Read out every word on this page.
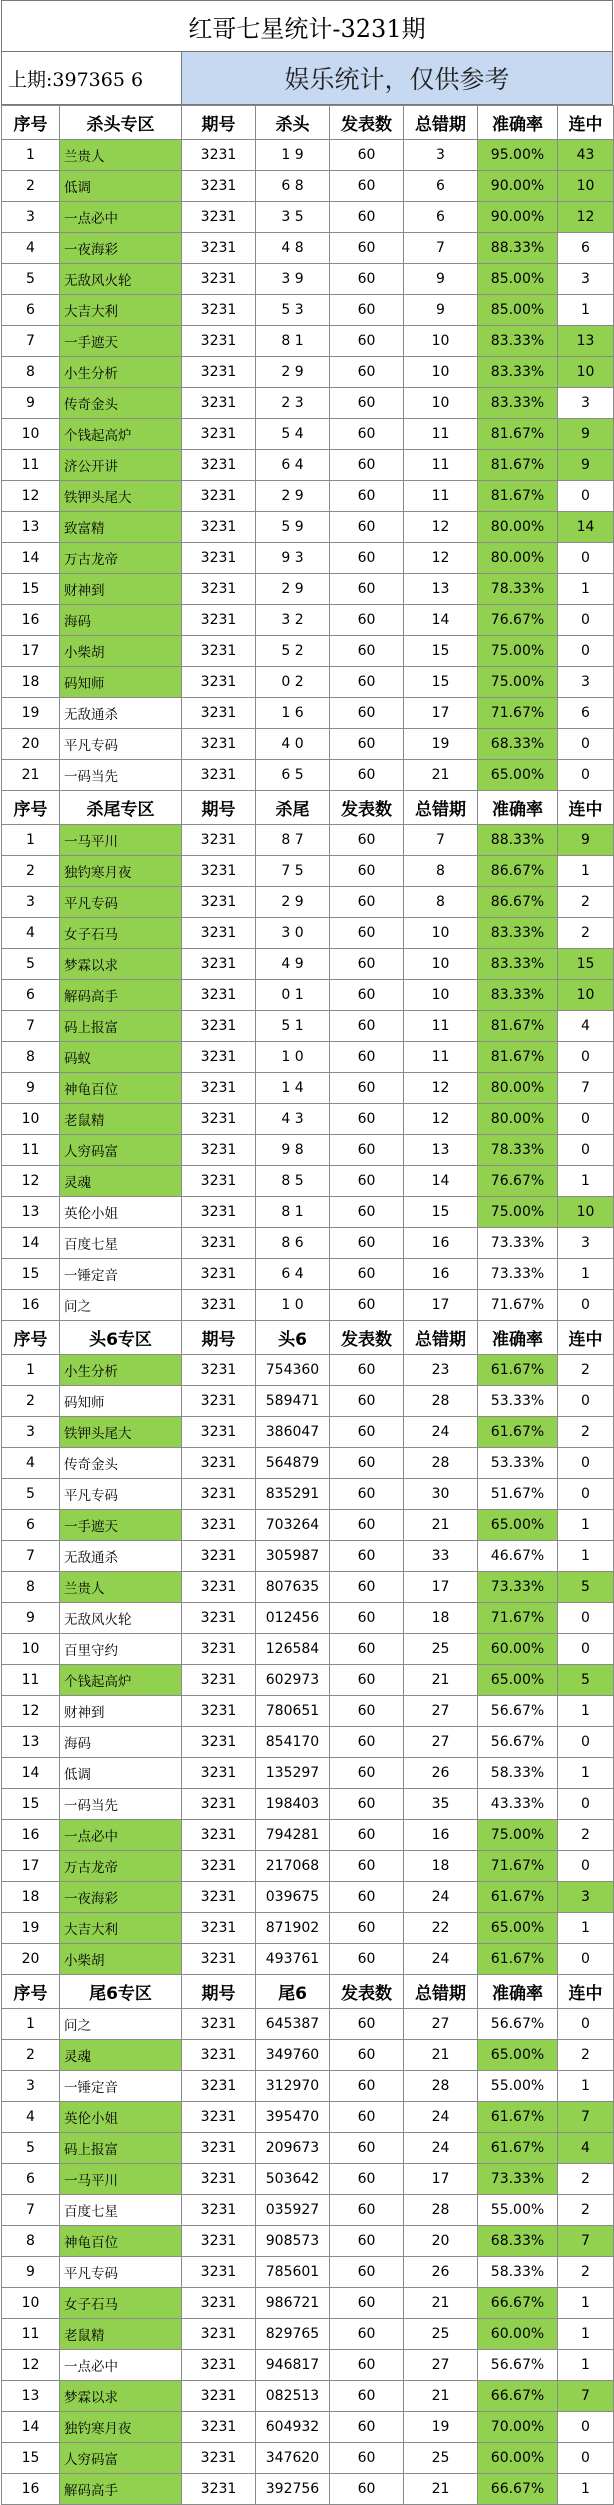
红哥七星统计-3231期
上期:397365 6	娱乐统计，仅供参考
序号	杀头专区	期号	杀头	发表数	总错期	准确率	连中
1	兰贵人	3231	1 9	60	3	95.00%	43
2	低调	3231	6 8	60	6	90.00%	10
3	一点必中	3231	3 5	60	6	90.00%	12
4	一夜海彩	3231	4 8	60	7	88.33%	6
5	无敌风火轮	3231	3 9	60	9	85.00%	3
6	大吉大利	3231	5 3	60	9	85.00%	1
7	一手遮天	3231	8 1	60	10	83.33%	13
8	小生分析	3231	2 9	60	10	83.33%	10
9	传奇金头	3231	2 3	60	10	83.33%	3
10	个钱起高炉	3231	5 4	60	11	81.67%	9
11	济公开讲	3231	6 4	60	11	81.67%	9
12	铁钾头尾大	3231	2 9	60	11	81.67%	0
13	致富精	3231	5 9	60	12	80.00%	14
14	万古龙帝	3231	9 3	60	12	80.00%	0
15	财神到	3231	2 9	60	13	78.33%	1
16	海码	3231	3 2	60	14	76.67%	0
17	小柴胡	3231	5 2	60	15	75.00%	0
18	码知师	3231	0 2	60	15	75.00%	3
19	无敌通杀	3231	1 6	60	17	71.67%	6
20	平凡专码	3231	4 0	60	19	68.33%	0
21	一码当先	3231	6 5	60	21	65.00%	0
序号	杀尾专区	期号	杀尾	发表数	总错期	准确率	连中
1	一马平川	3231	8 7	60	7	88.33%	9
2	独钓寒月夜	3231	7 5	60	8	86.67%	1
3	平凡专码	3231	2 9	60	8	86.67%	2
4	女子石马	3231	3 0	60	10	83.33%	2
5	梦霖以求	3231	4 9	60	10	83.33%	15
6	解码高手	3231	0 1	60	10	83.33%	10
7	码上报富	3231	5 1	60	11	81.67%	4
8	码蚁	3231	1 0	60	11	81.67%	0
9	神龟百位	3231	1 4	60	12	80.00%	7
10	老鼠精	3231	4 3	60	12	80.00%	0
11	人穷码富	3231	9 8	60	13	78.33%	0
12	灵魂	3231	8 5	60	14	76.67%	1
13	英伦小姐	3231	8 1	60	15	75.00%	10
14	百度七星	3231	8 6	60	16	73.33%	3
15	一锤定音	3231	6 4	60	16	73.33%	1
16	问之	3231	1 0	60	17	71.67%	0
序号	头6专区	期号	头6	发表数	总错期	准确率	连中
1	小生分析	3231	754360	60	23	61.67%	2
2	码知师	3231	589471	60	28	53.33%	0
3	铁钾头尾大	3231	386047	60	24	61.67%	2
4	传奇金头	3231	564879	60	28	53.33%	0
5	平凡专码	3231	835291	60	30	51.67%	0
6	一手遮天	3231	703264	60	21	65.00%	1
7	无敌通杀	3231	305987	60	33	46.67%	1
8	兰贵人	3231	807635	60	17	73.33%	5
9	无敌风火轮	3231	012456	60	18	71.67%	0
10	百里守约	3231	126584	60	25	60.00%	0
11	个钱起高炉	3231	602973	60	21	65.00%	5
12	财神到	3231	780651	60	27	56.67%	1
13	海码	3231	854170	60	27	56.67%	0
14	低调	3231	135297	60	26	58.33%	1
15	一码当先	3231	198403	60	35	43.33%	0
16	一点必中	3231	794281	60	16	75.00%	2
17	万古龙帝	3231	217068	60	18	71.67%	0
18	一夜海彩	3231	039675	60	24	61.67%	3
19	大吉大利	3231	871902	60	22	65.00%	1
20	小柴胡	3231	493761	60	24	61.67%	0
序号	尾6专区	期号	尾6	发表数	总错期	准确率	连中
1	问之	3231	645387	60	27	56.67%	0
2	灵魂	3231	349760	60	21	65.00%	2
3	一锤定音	3231	312970	60	28	55.00%	1
4	英伦小姐	3231	395470	60	24	61.67%	7
5	码上报富	3231	209673	60	24	61.67%	4
6	一马平川	3231	503642	60	17	73.33%	2
7	百度七星	3231	035927	60	28	55.00%	2
8	神龟百位	3231	908573	60	20	68.33%	7
9	平凡专码	3231	785601	60	26	58.33%	2
10	女子石马	3231	986721	60	21	66.67%	1
11	老鼠精	3231	829765	60	25	60.00%	1
12	一点必中	3231	946817	60	27	56.67%	1
13	梦霖以求	3231	082513	60	21	66.67%	7
14	独钓寒月夜	3231	604932	60	19	70.00%	0
15	人穷码富	3231	347620	60	25	60.00%	0
16	解码高手	3231	392756	60	21	66.67%	1
